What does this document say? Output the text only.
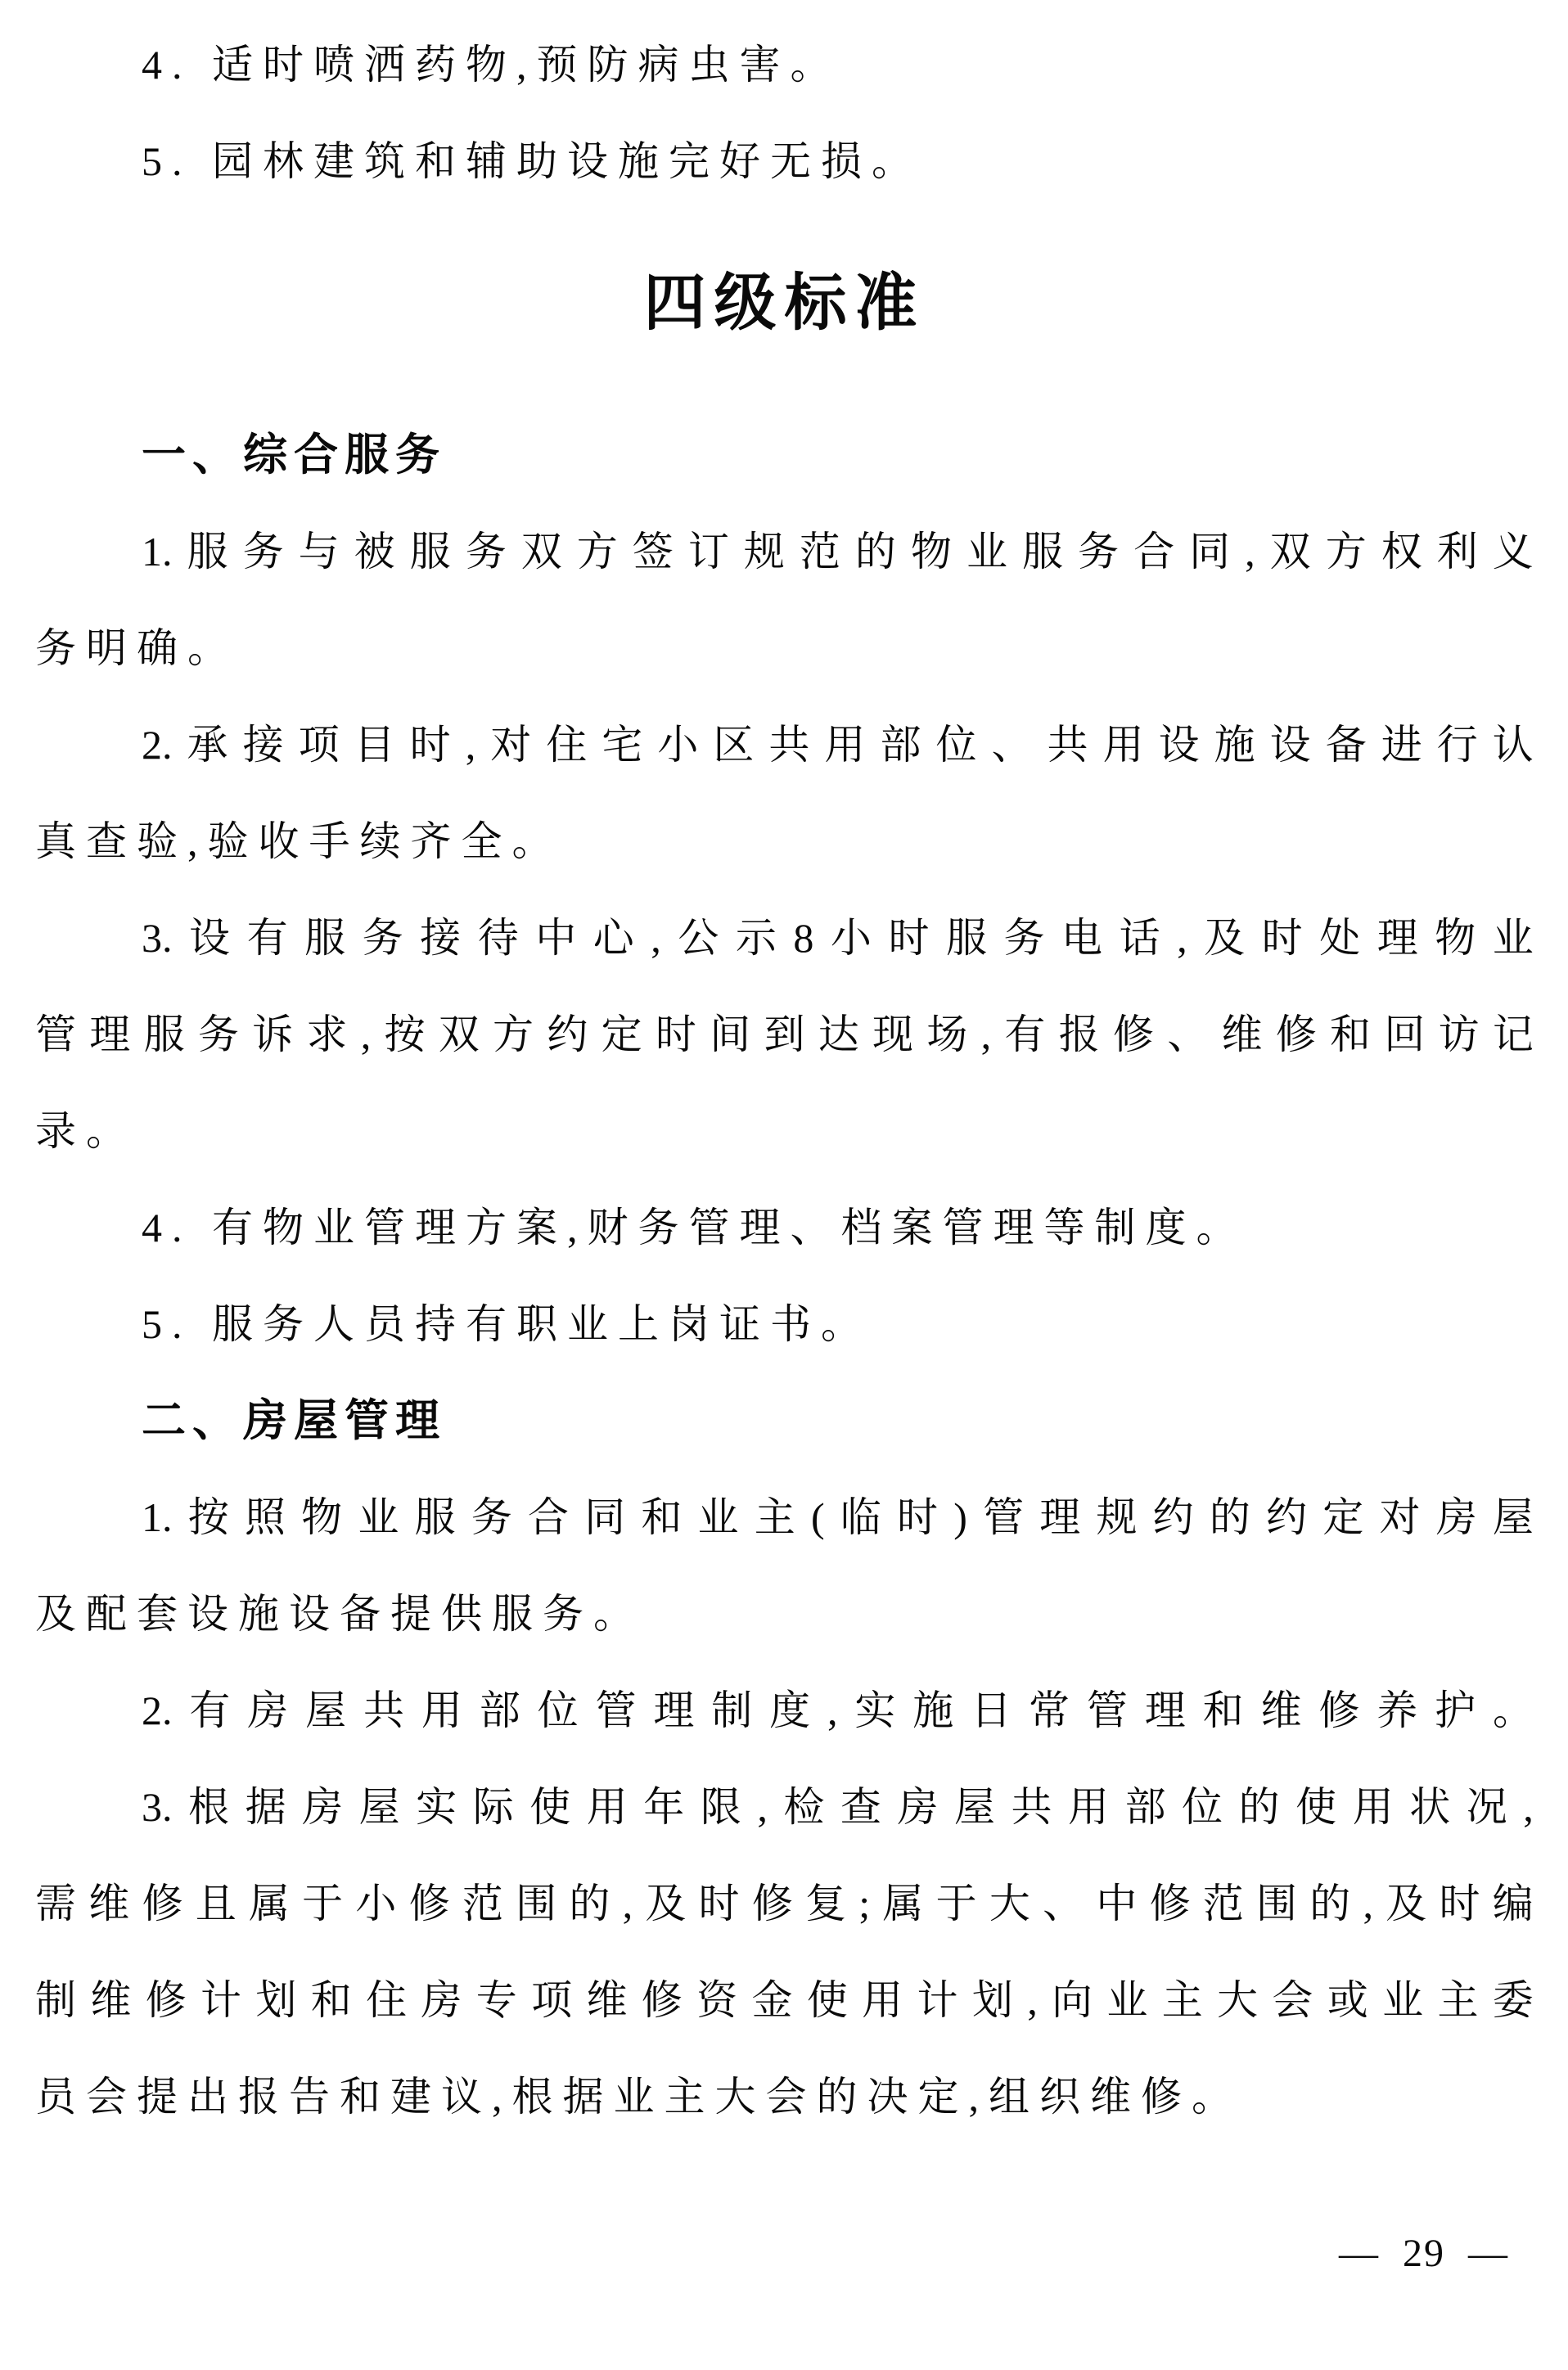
4. 适时喷洒药物,预防病虫害。
5. 园林建筑和辅助设施完好无损。
四级标准
一、综合服务
1. 服 务 与 被 服 务 双 方 签 订 规 范 的 物 业 服 务 合 同 , 双 方 权 利 义
务明确。
2. 承 接 项 目 时 , 对 住 宅 小 区 共 用 部 位 、 共 用 设 施 设 备 进 行 认
真查验,验收手续齐全。
3. 设 有 服 务 接 待 中 心 , 公 示 8 小 时 服 务 电 话 , 及 时 处 理 物 业
管 理 服 务 诉 求 , 按 双 方 约 定 时 间 到 达 现 场 , 有 报 修 、 维 修 和 回 访 记
录。
4. 有物业管理方案,财务管理、档案管理等制度。
5. 服务人员持有职业上岗证书。
二、房屋管理
1. 按 照 物 业 服 务 合 同 和 业 主 ( 临 时 ) 管 理 规 约 的 约 定 对 房 屋
及配套设施设备提供服务。
2. 有 房 屋 共 用 部 位 管 理 制 度 , 实 施 日 常 管 理 和 维 修 养 护 。
3. 根 据 房 屋 实 际 使 用 年 限 , 检 查 房 屋 共 用 部 位 的 使 用 状 况 ,
需 维 修 且 属 于 小 修 范 围 的 , 及 时 修 复 ; 属 于 大 、 中 修 范 围 的 , 及 时 编
制 维 修 计 划 和 住 房 专 项 维 修 资 金 使 用 计 划 , 向 业 主 大 会 或 业 主 委
员会提出报告和建议,根据业主大会的决定,组织维修。
— 29 —
